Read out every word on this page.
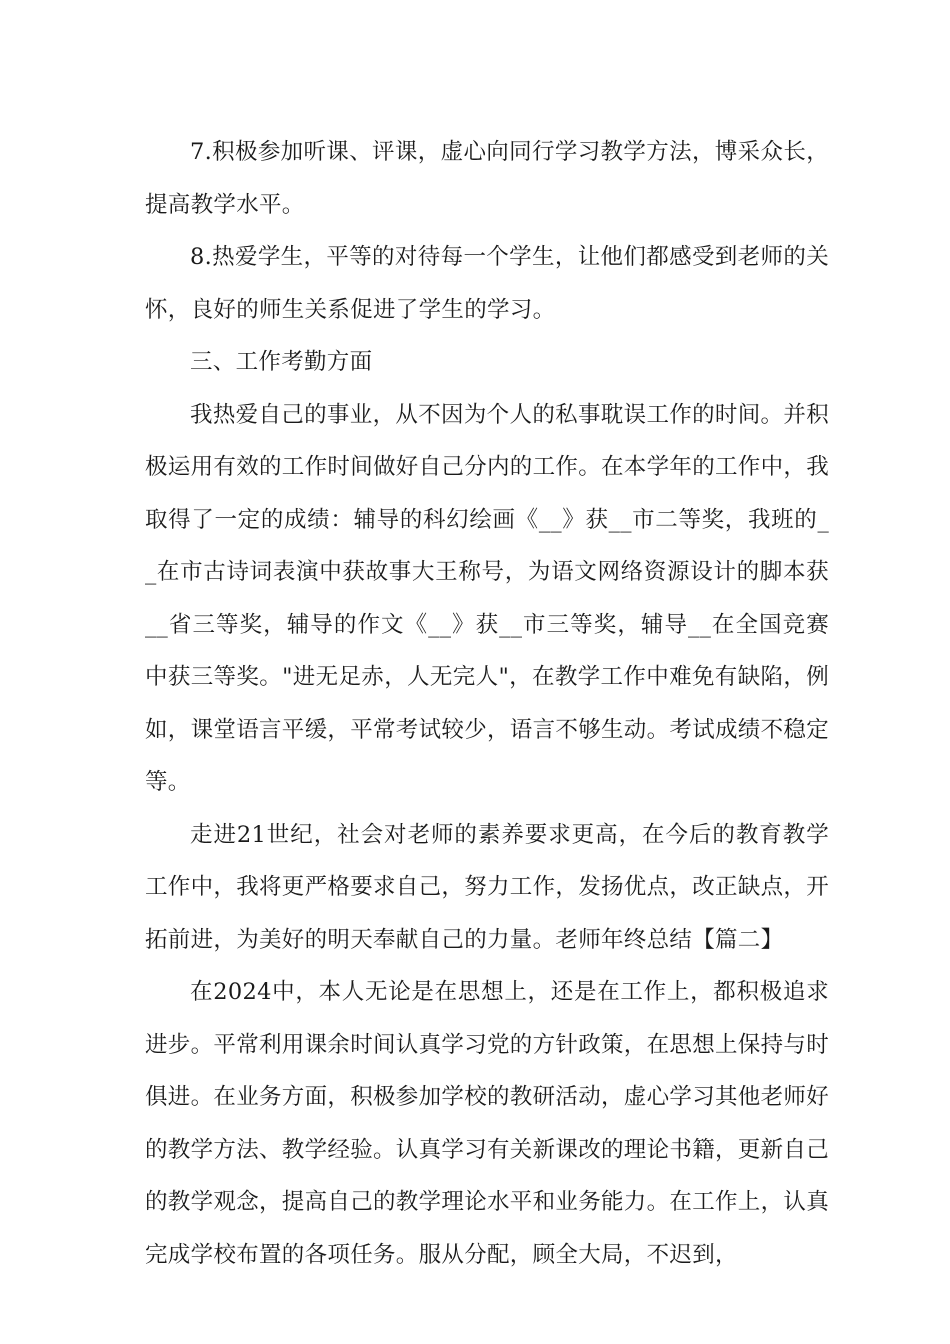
7.积极参加听课、评课，虚心向同行学习教学方法，博采众长，提高教学水平。

8.热爱学生，平等的对待每一个学生，让他们都感受到老师的关怀，良好的师生关系促进了学生的学习。

三、工作考勤方面

我热爱自己的事业，从不因为个人的私事耽误工作的时间。并积极运用有效的工作时间做好自己分内的工作。在本学年的工作中，我取得了一定的成绩：辅导的科幻绘画《__》获__市二等奖，我班的__在市古诗词表演中获故事大王称号，为语文网络资源设计的脚本获__省三等奖，辅导的作文《__》获__市三等奖，辅导__在全国竞赛中获三等奖。"进无足赤，人无完人"，在教学工作中难免有缺陷，例如，课堂语言平缓，平常考试较少，语言不够生动。考试成绩不稳定等。

走进21世纪，社会对老师的素养要求更高，在今后的教育教学工作中，我将更严格要求自己，努力工作，发扬优点，改正缺点，开拓前进，为美好的明天奉献自己的力量。老师年终总结【篇二】

在2024中，本人无论是在思想上，还是在工作上，都积极追求进步。平常利用课余时间认真学习党的方针政策，在思想上保持与时俱进。在业务方面，积极参加学校的教研活动，虚心学习其他老师好的教学方法、教学经验。认真学习有关新课改的理论书籍，更新自己的教学观念，提高自己的教学理论水平和业务能力。在工作上，认真完成学校布置的各项任务。服从分配，顾全大局，不迟到，
